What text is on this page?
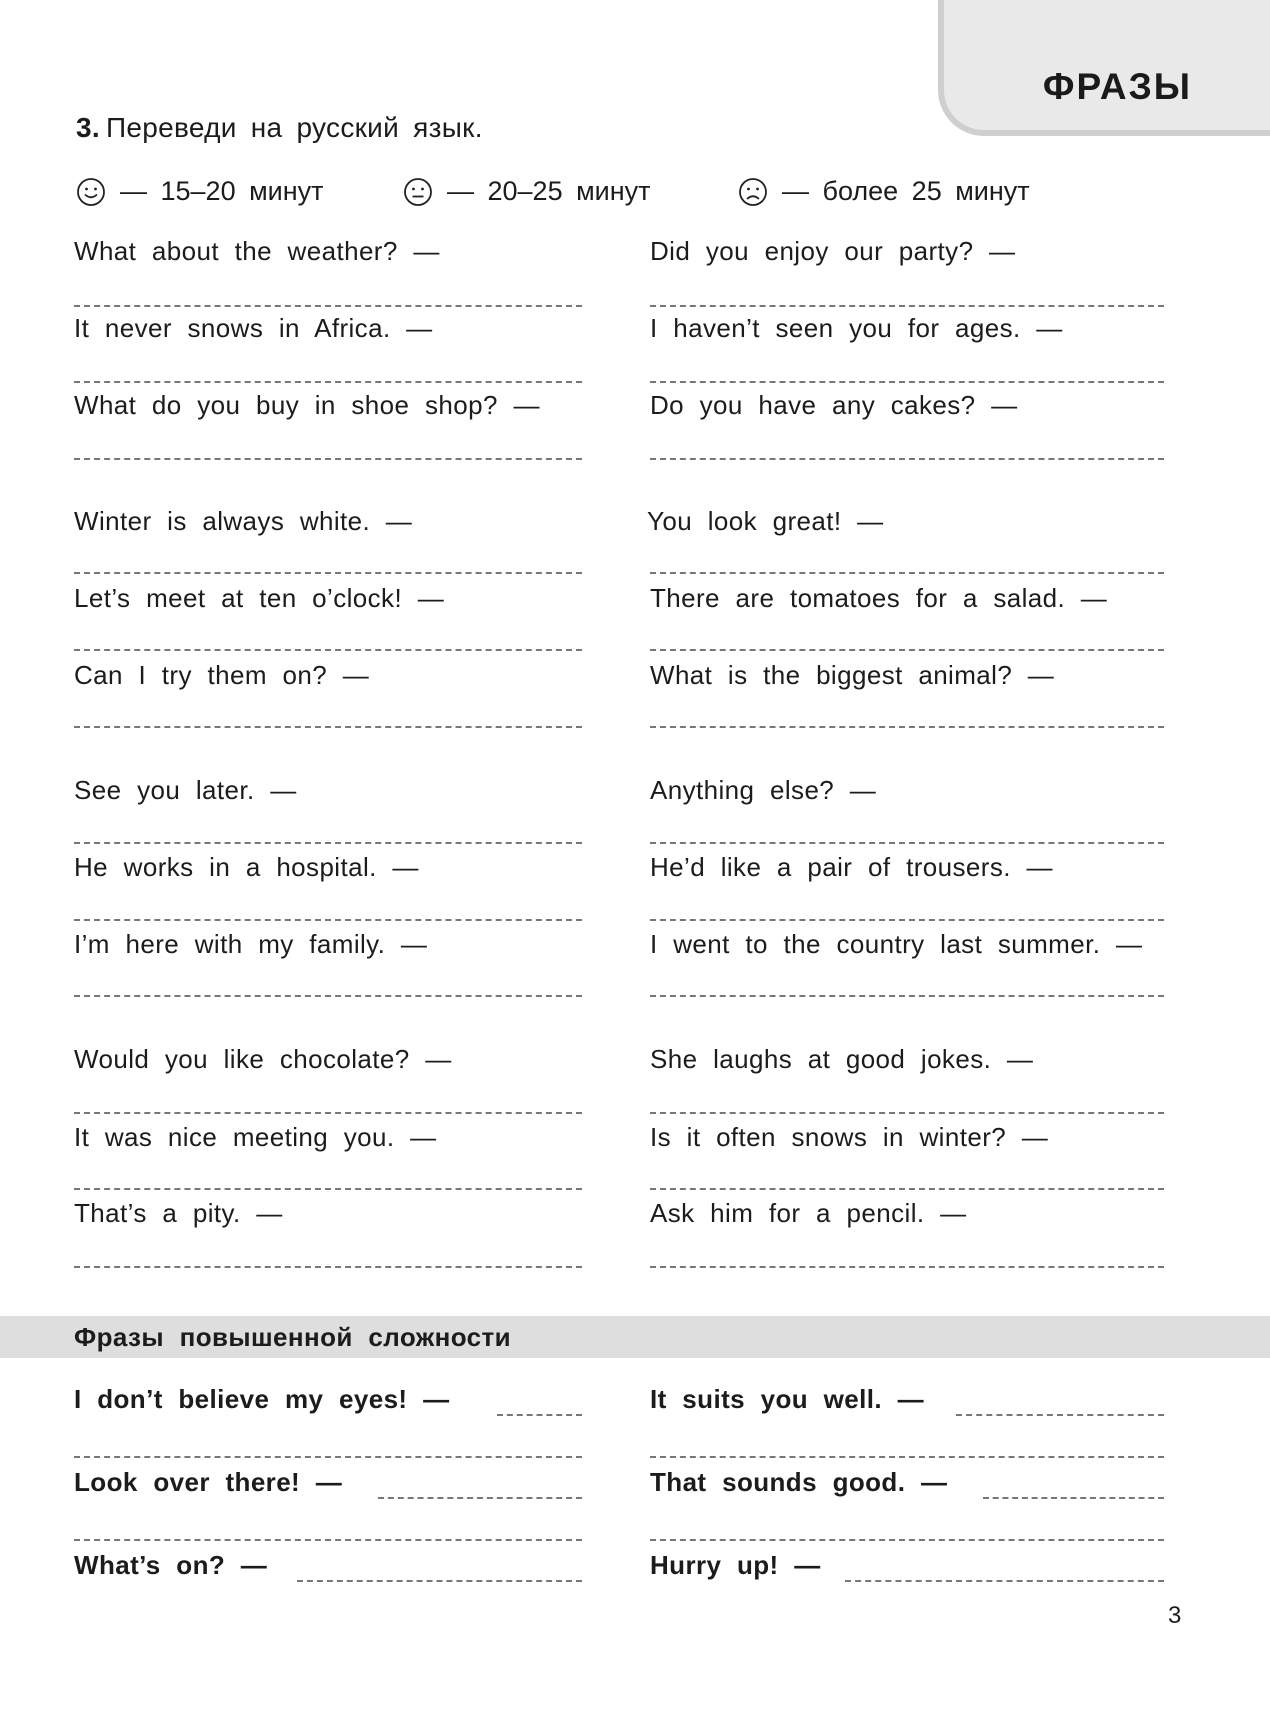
ФРАЗЫ
3. Переведи на русский язык.
— 15–20 минут	— 20–25 минут	— более 25 минут
What about the weather? —
It never snows in Africa. —
What do you buy in shoe shop? —
Winter is always white. —
Let’s meet at ten o’clock! —
Can I try them on? —
See you later. —
He works in a hospital. —
I’m here with my family. —
Would you like chocolate? —
It was nice meeting you. —
That’s a pity. —
Did you enjoy our party? —
I haven’t seen you for ages. —
Do you have any cakes? —
You look great! —
There are tomatoes for a salad. —
What is the biggest animal? —
Anything else? —
He’d like a pair of trousers. —
I went to the country last summer. —
She laughs at good jokes. —
Is it often snows in winter? —
Ask him for a pencil. —
Фразы повышенной сложности
I don’t believe my eyes! —
Look over there! —
What’s on? —
It suits you well. —
That sounds good. —
Hurry up! —
3
